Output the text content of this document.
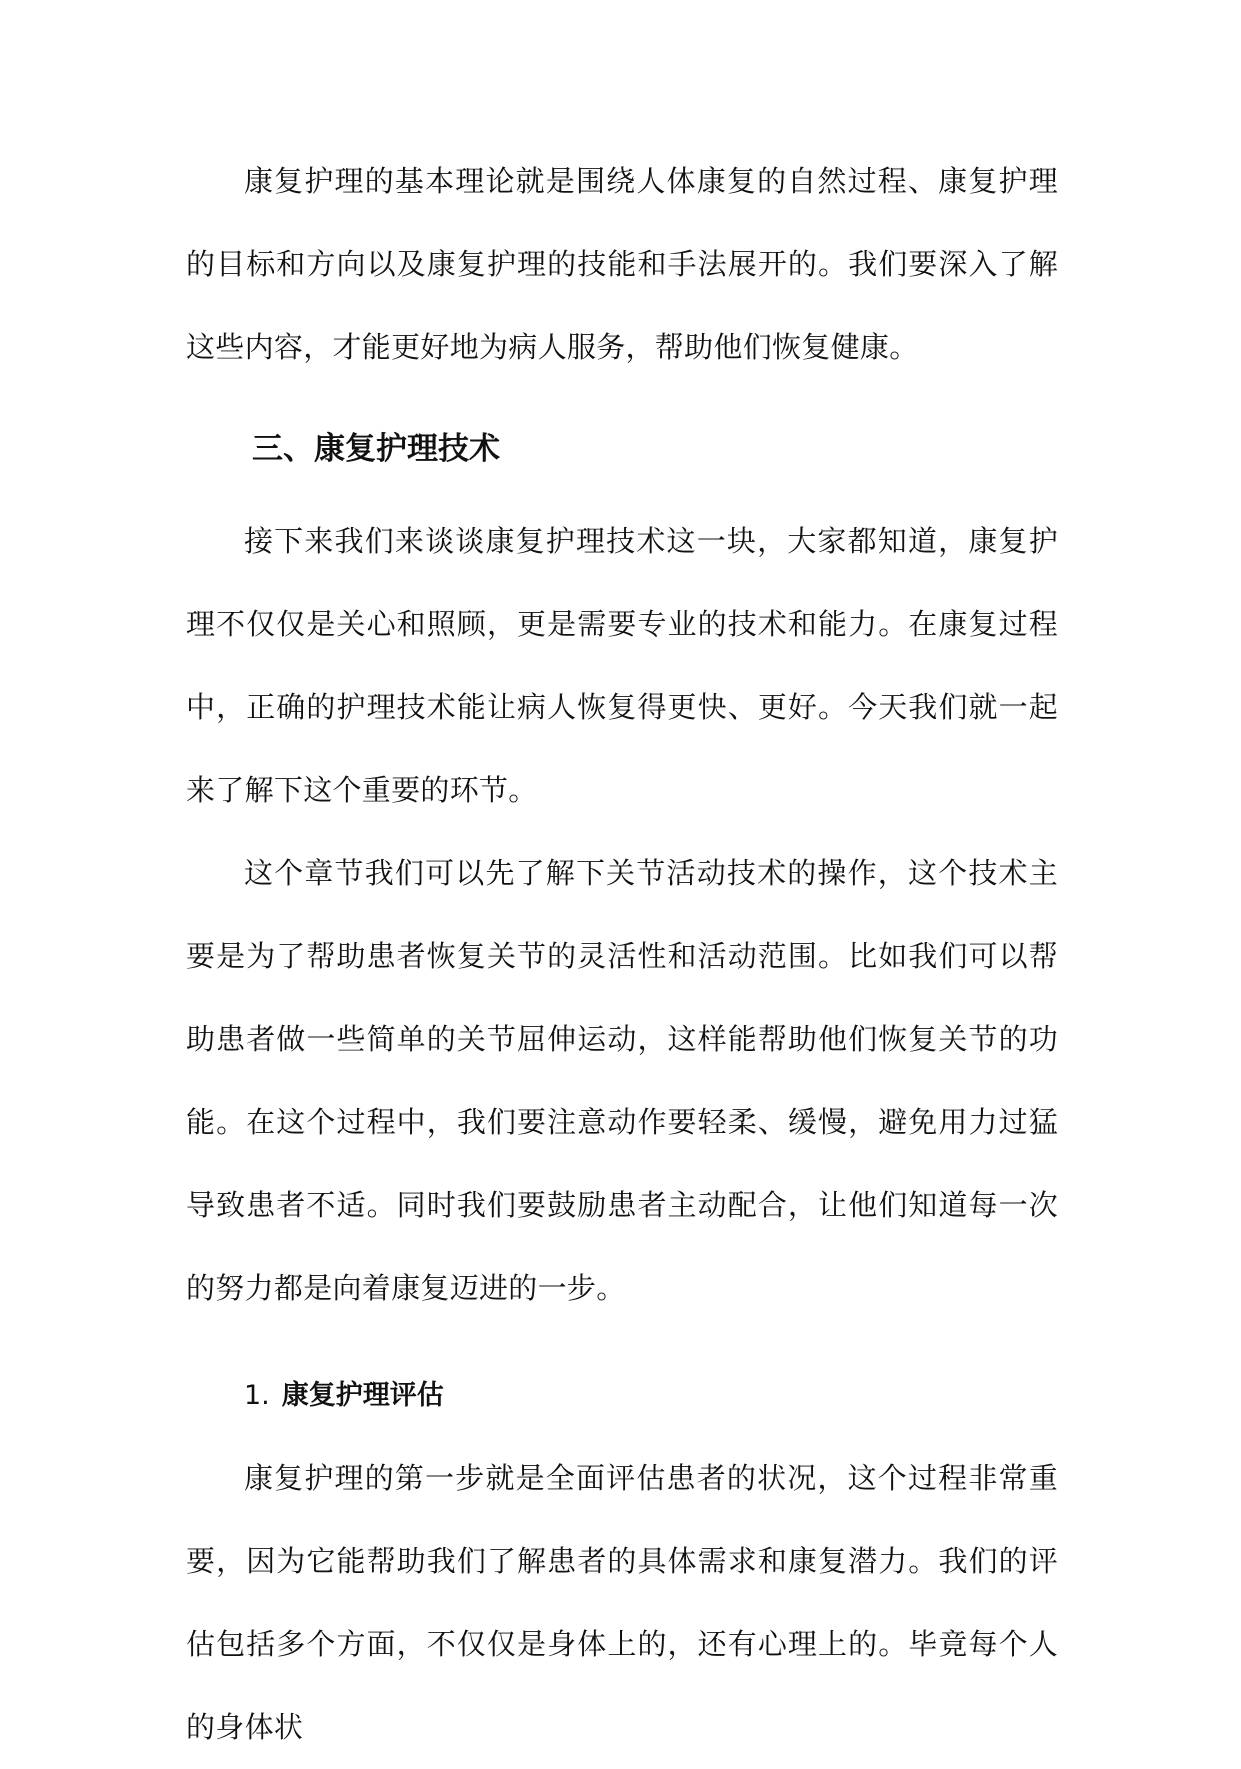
康复护理的基本理论就是围绕人体康复的自然过程、康复护理的目标和方向以及康复护理的技能和手法展开的。我们要深入了解这些内容，才能更好地为病人服务，帮助他们恢复健康。

三、康复护理技术

接下来我们来谈谈康复护理技术这一块，大家都知道，康复护理不仅仅是关心和照顾，更是需要专业的技术和能力。在康复过程中，正确的护理技术能让病人恢复得更快、更好。今天我们就一起来了解下这个重要的环节。

这个章节我们可以先了解下关节活动技术的操作，这个技术主要是为了帮助患者恢复关节的灵活性和活动范围。比如我们可以帮助患者做一些简单的关节屈伸运动，这样能帮助他们恢复关节的功能。在这个过程中，我们要注意动作要轻柔、缓慢，避免用力过猛导致患者不适。同时我们要鼓励患者主动配合，让他们知道每一次的努力都是向着康复迈进的一步。

1. 康复护理评估

康复护理的第一步就是全面评估患者的状况，这个过程非常重要，因为它能帮助我们了解患者的具体需求和康复潜力。我们的评估包括多个方面，不仅仅是身体上的，还有心理上的。毕竟每个人的身体状
